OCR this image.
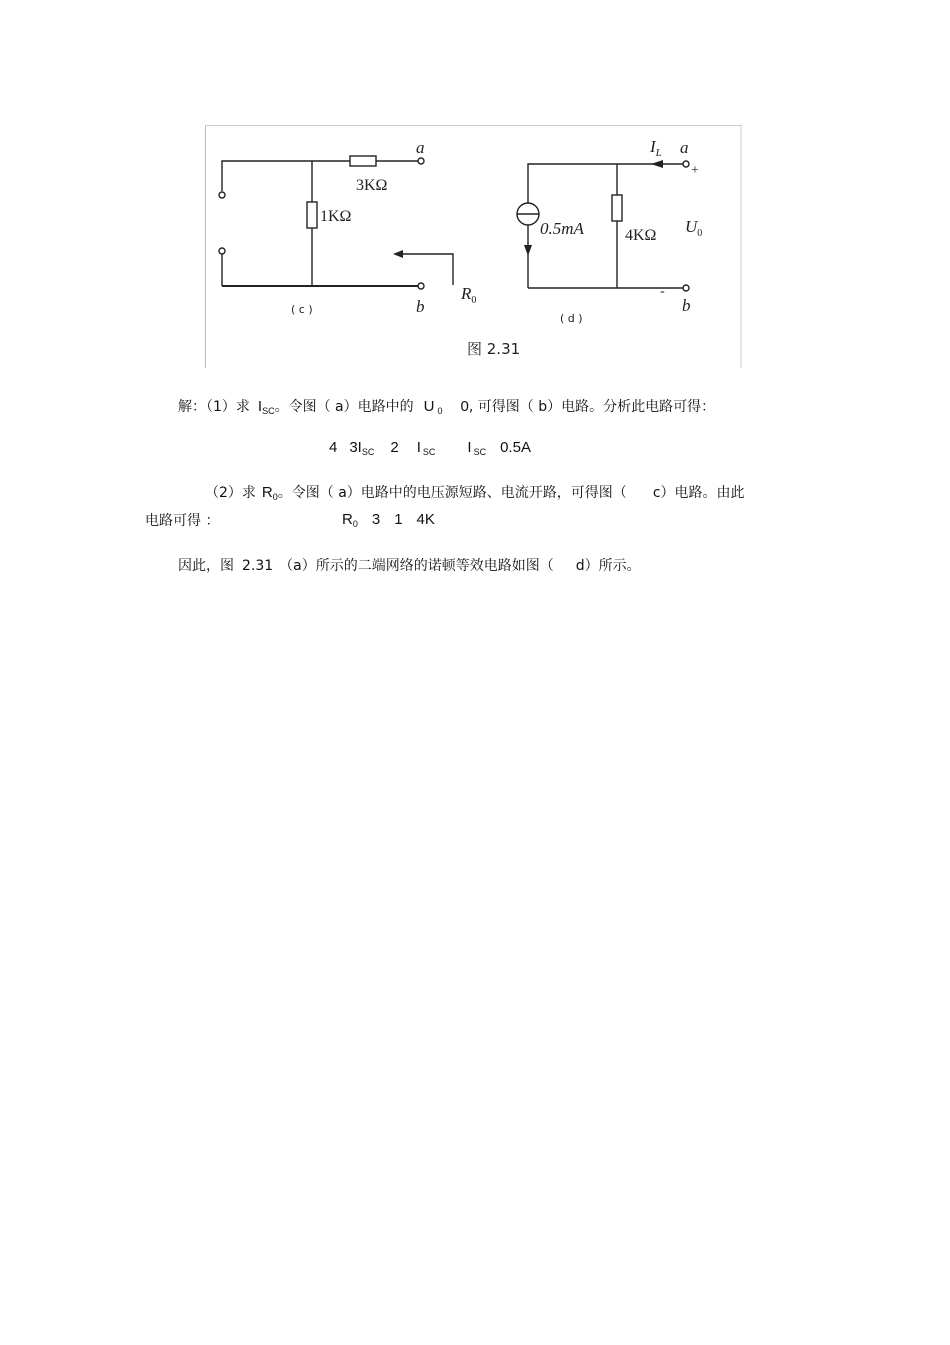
a
b
$R_0$
3KΩ
1KΩ
( c )
$I_L$ a
b
$U_0$
0.5mA	4KΩ
+
-
( d )
图 2.31
解：（1）求 $I_{SC}$。令图（ a）电路中的 U $_0$ 0, 可得图（ b）电路。分析此电路可得：
4 $3I_{SC}$ 2 I $_{SC}$ I $_{SC}$ 0.5A
（2）求 $R_0$。令图（ a）电路中的电压源短路、电流开路，可得图（ c）电路。由此
电路可得 ：	$R_0$ 3 1 4K
因此，图 2.31 （a）所示的二端网络的诺顿等效电路如图（ d）所示。
